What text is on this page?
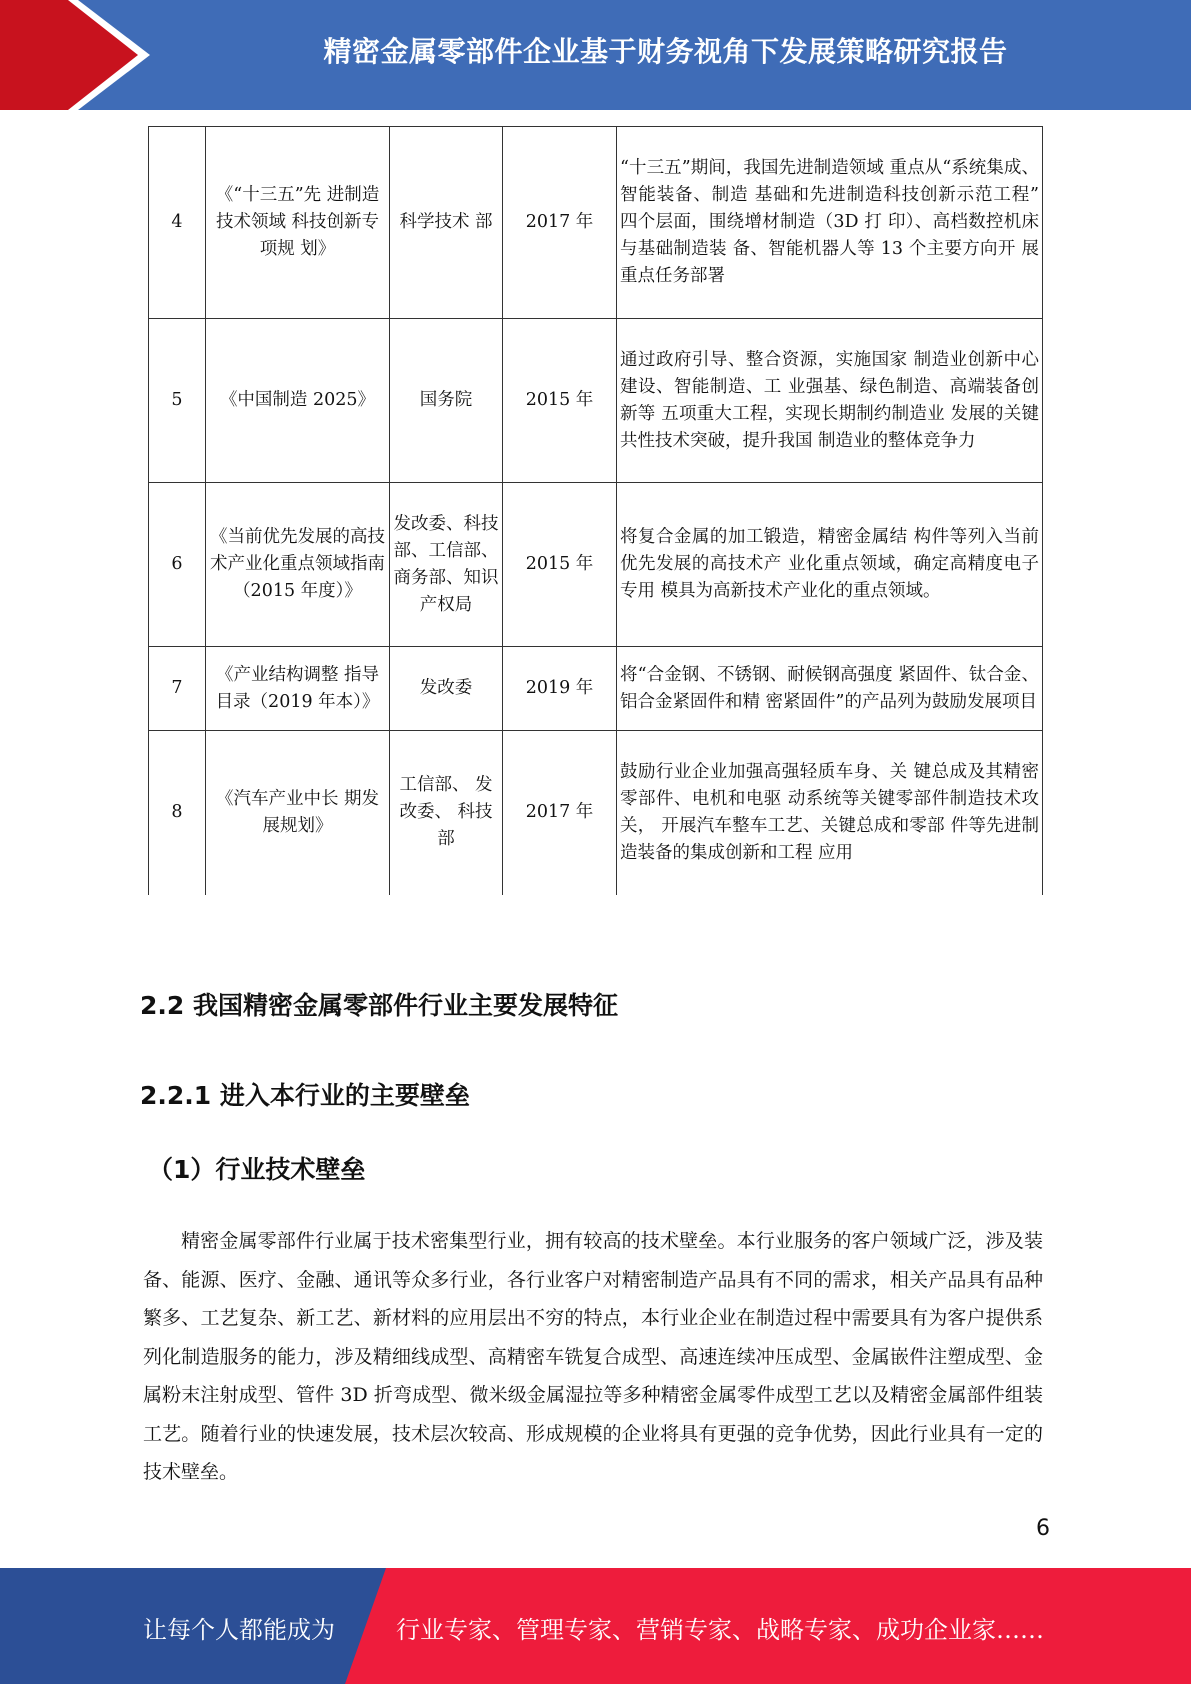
精密金属零部件企业基于财务视角下发展策略研究报告
4	《“十三五”先 进制造技术领域 科技创新专项规 划》	科学技术 部	2017 年	“十三五”期间，我国先进制造领域 重点从“系统集成、智能装备、制造 基础和先进制造科技创新示范工程” 四个层面，围绕增材制造（3D 打 印）、高档数控机床与基础制造装 备、智能机器人等 13 个主要方向开 展重点任务部署
5	《中国制造 2025》	国务院	2015 年	通过政府引导、整合资源，实施国家 制造业创新中心建设、智能制造、工 业强基、绿色制造、高端装备创新等 五项重大工程，实现长期制约制造业 发展的关键共性技术突破，提升我国 制造业的整体竞争力
6	《当前优先发展的高技术产业化重点领域指南（2015 年度）》	发改委、科技部、工信部、商务部、知识产权局	2015 年	将复合金属的加工锻造，精密金属结 构件等列入当前优先发展的高技术产 业化重点领域，确定高精度电子专用 模具为高新技术产业化的重点领域。
7	《产业结构调整 指导目录（2019 年本）》	发改委	2019 年	将“合金钢、不锈钢、耐候钢高强度 紧固件、钛合金、铝合金紧固件和精 密紧固件”的产品列为鼓励发展项目
8	《汽车产业中长 期发展规划》	工信部、 发改委、 科技部	2017 年	鼓励行业企业加强高强轻质车身、关 键总成及其精密零部件、电机和电驱 动系统等关键零部件制造技术攻关， 开展汽车整车工艺、关键总成和零部 件等先进制造装备的集成创新和工程 应用
2.2 我国精密金属零部件行业主要发展特征
2.2.1 进入本行业的主要壁垒
（1）行业技术壁垒

精密金属零部件行业属于技术密集型行业，拥有较高的技术壁垒。本行业服务的客户领域广泛，涉及装备、能源、医疗、金融、通讯等众多行业，各行业客户对精密制造产品具有不同的需求，相关产品具有品种繁多、工艺复杂、新工艺、新材料的应用层出不穷的特点，本行业企业在制造过程中需要具有为客户提供系列化制造服务的能力，涉及精细线成型、高精密车铣复合成型、高速连续冲压成型、金属嵌件注塑成型、金属粉末注射成型、管件 3D 折弯成型、微米级金属湿拉等多种精密金属零件成型工艺以及精密金属部件组装工艺。随着行业的快速发展，技术层次较高、形成规模的企业将具有更强的竞争优势，因此行业具有一定的技术壁垒。

6
让每个人都能成为	行业专家、管理专家、营销专家、战略专家、成功企业家……
